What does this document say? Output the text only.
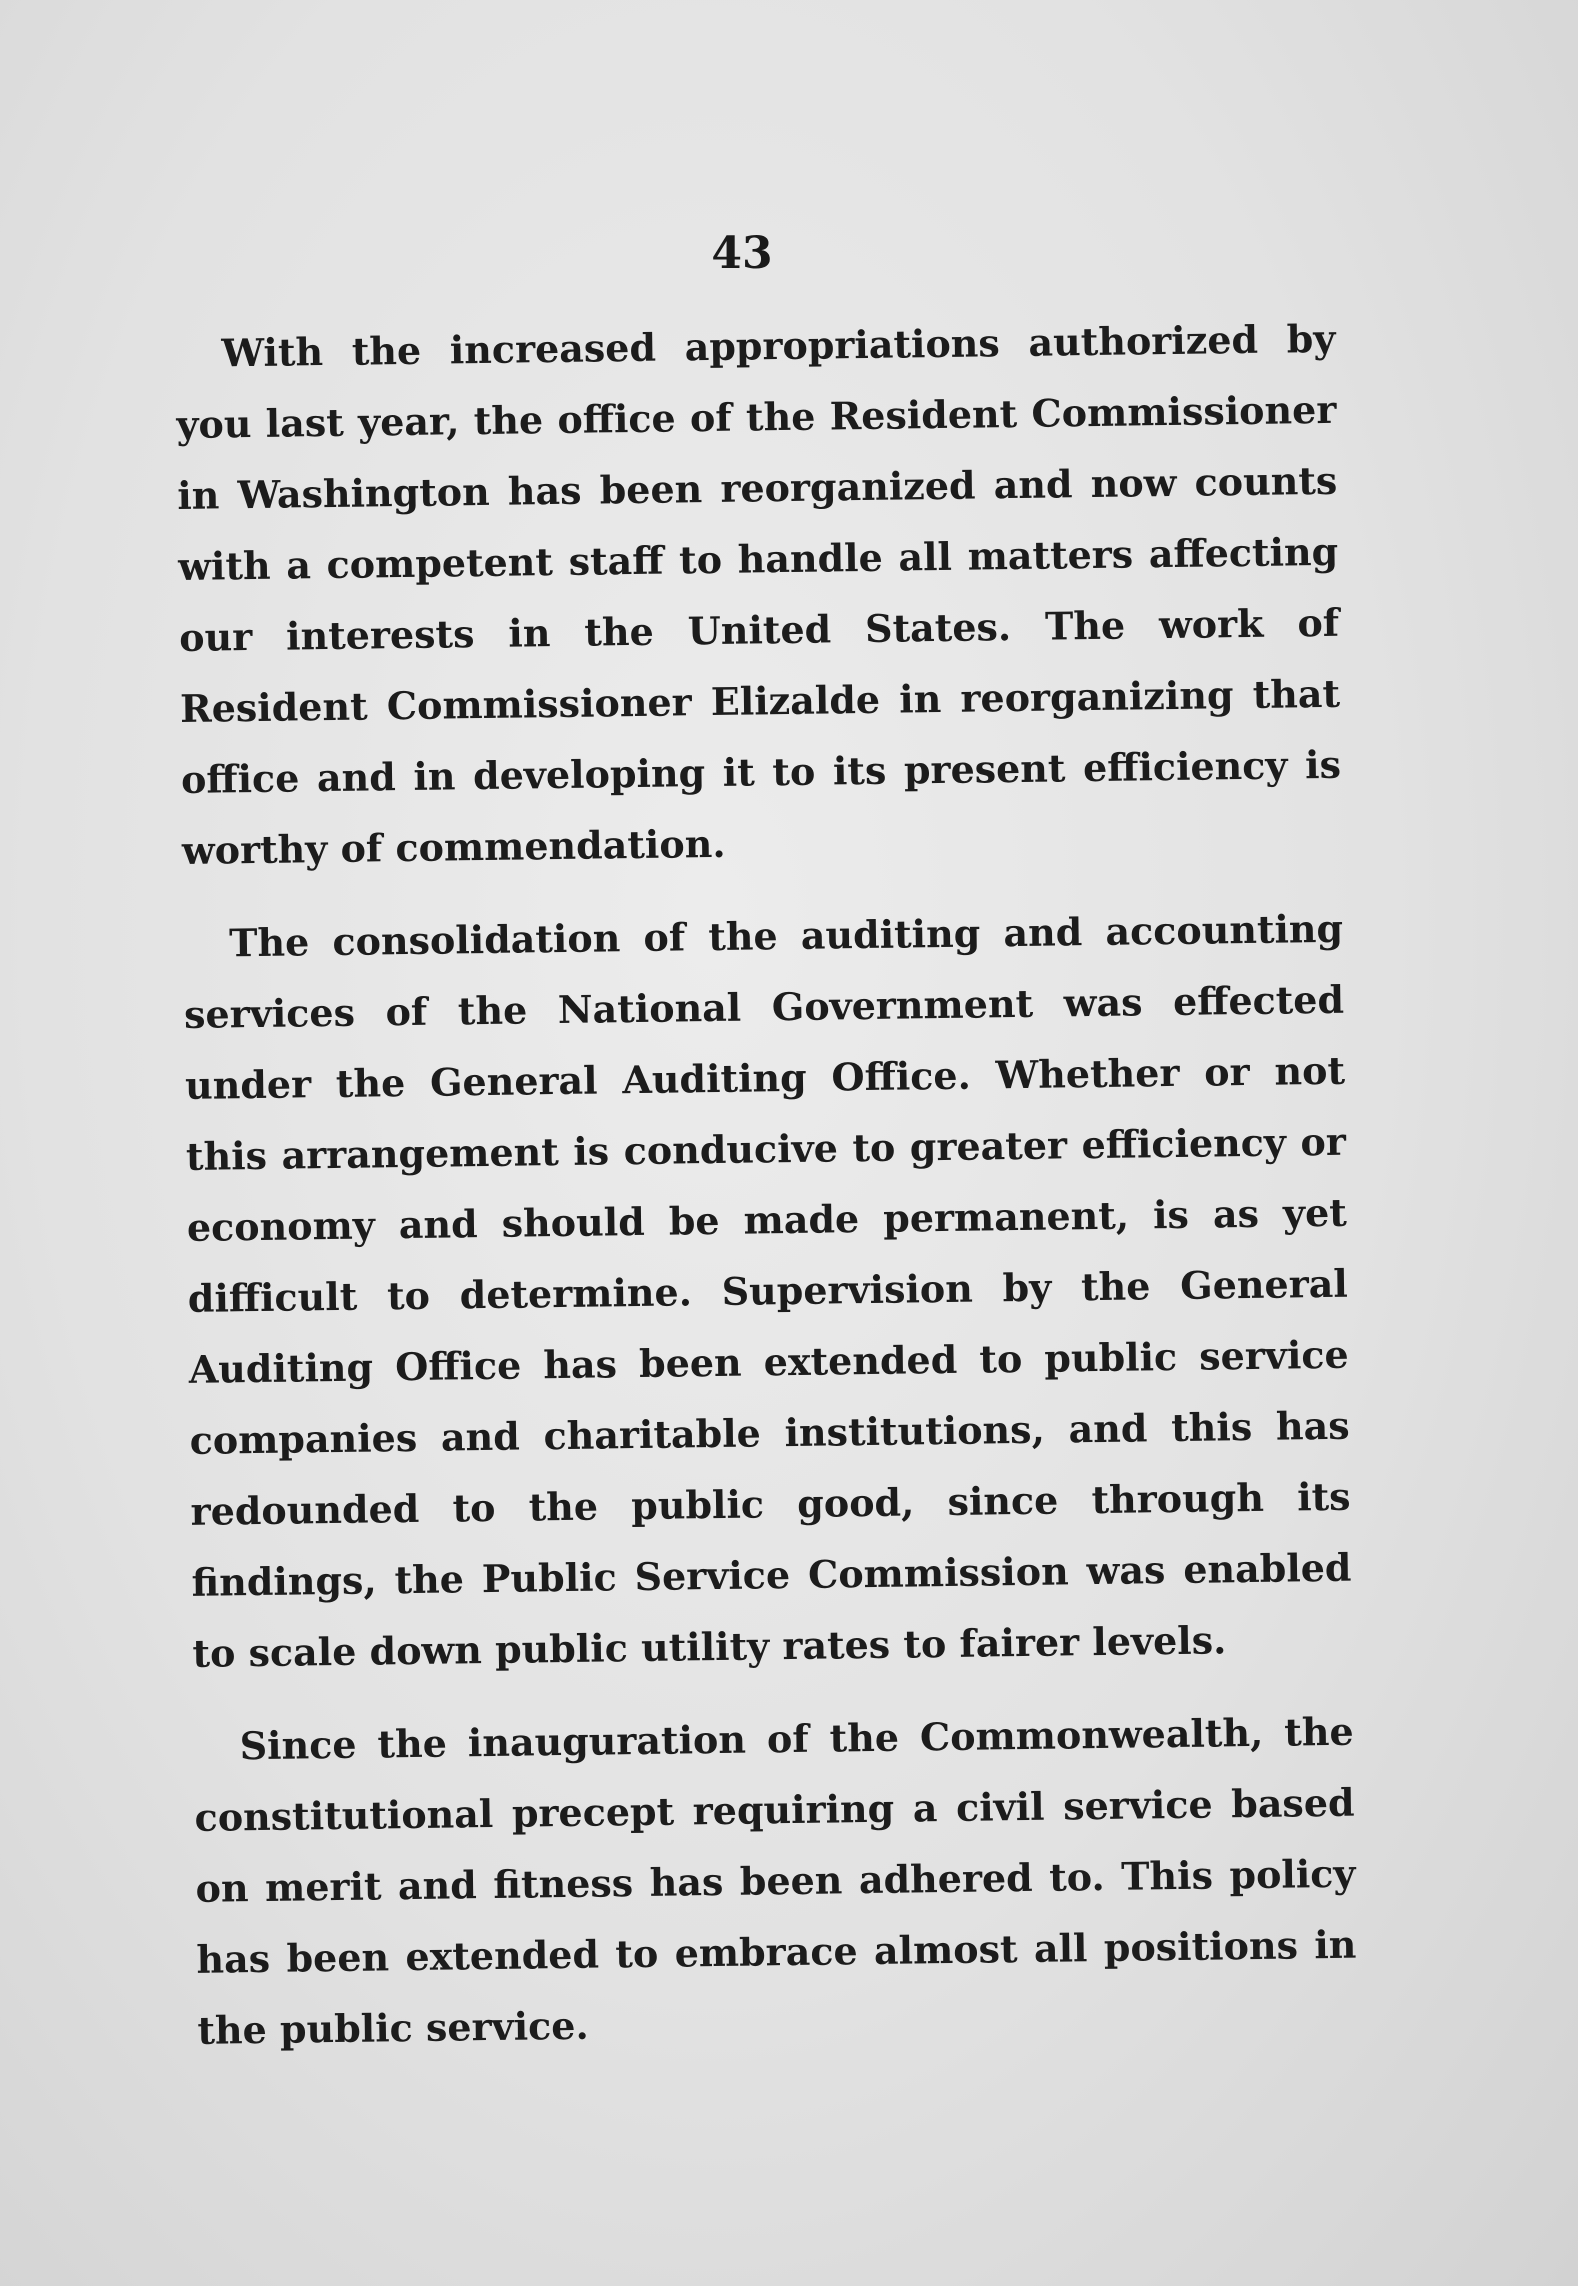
43

With the increased appropriations authorized by you last year, the office of the Resident Commissioner in Washington has been reorganized and now counts with a competent staff to handle all matters affecting our interests in the United States. The work of Resident Commissioner Elizalde in reorganizing that office and in developing it to its present efficiency is worthy of commendation.

The consolidation of the auditing and accounting services of the National Government was effected under the General Auditing Office. Whether or not this arrangement is conducive to greater efficiency or economy and should be made permanent, is as yet difficult to determine. Supervision by the General Auditing Office has been extended to public service companies and charitable institutions, and this has redounded to the public good, since through its findings, the Public Service Commission was enabled to scale down public utility rates to fairer levels.

Since the inauguration of the Commonwealth, the constitutional precept requiring a civil service based on merit and fitness has been adhered to. This policy has been extended to embrace almost all positions in the public service.
